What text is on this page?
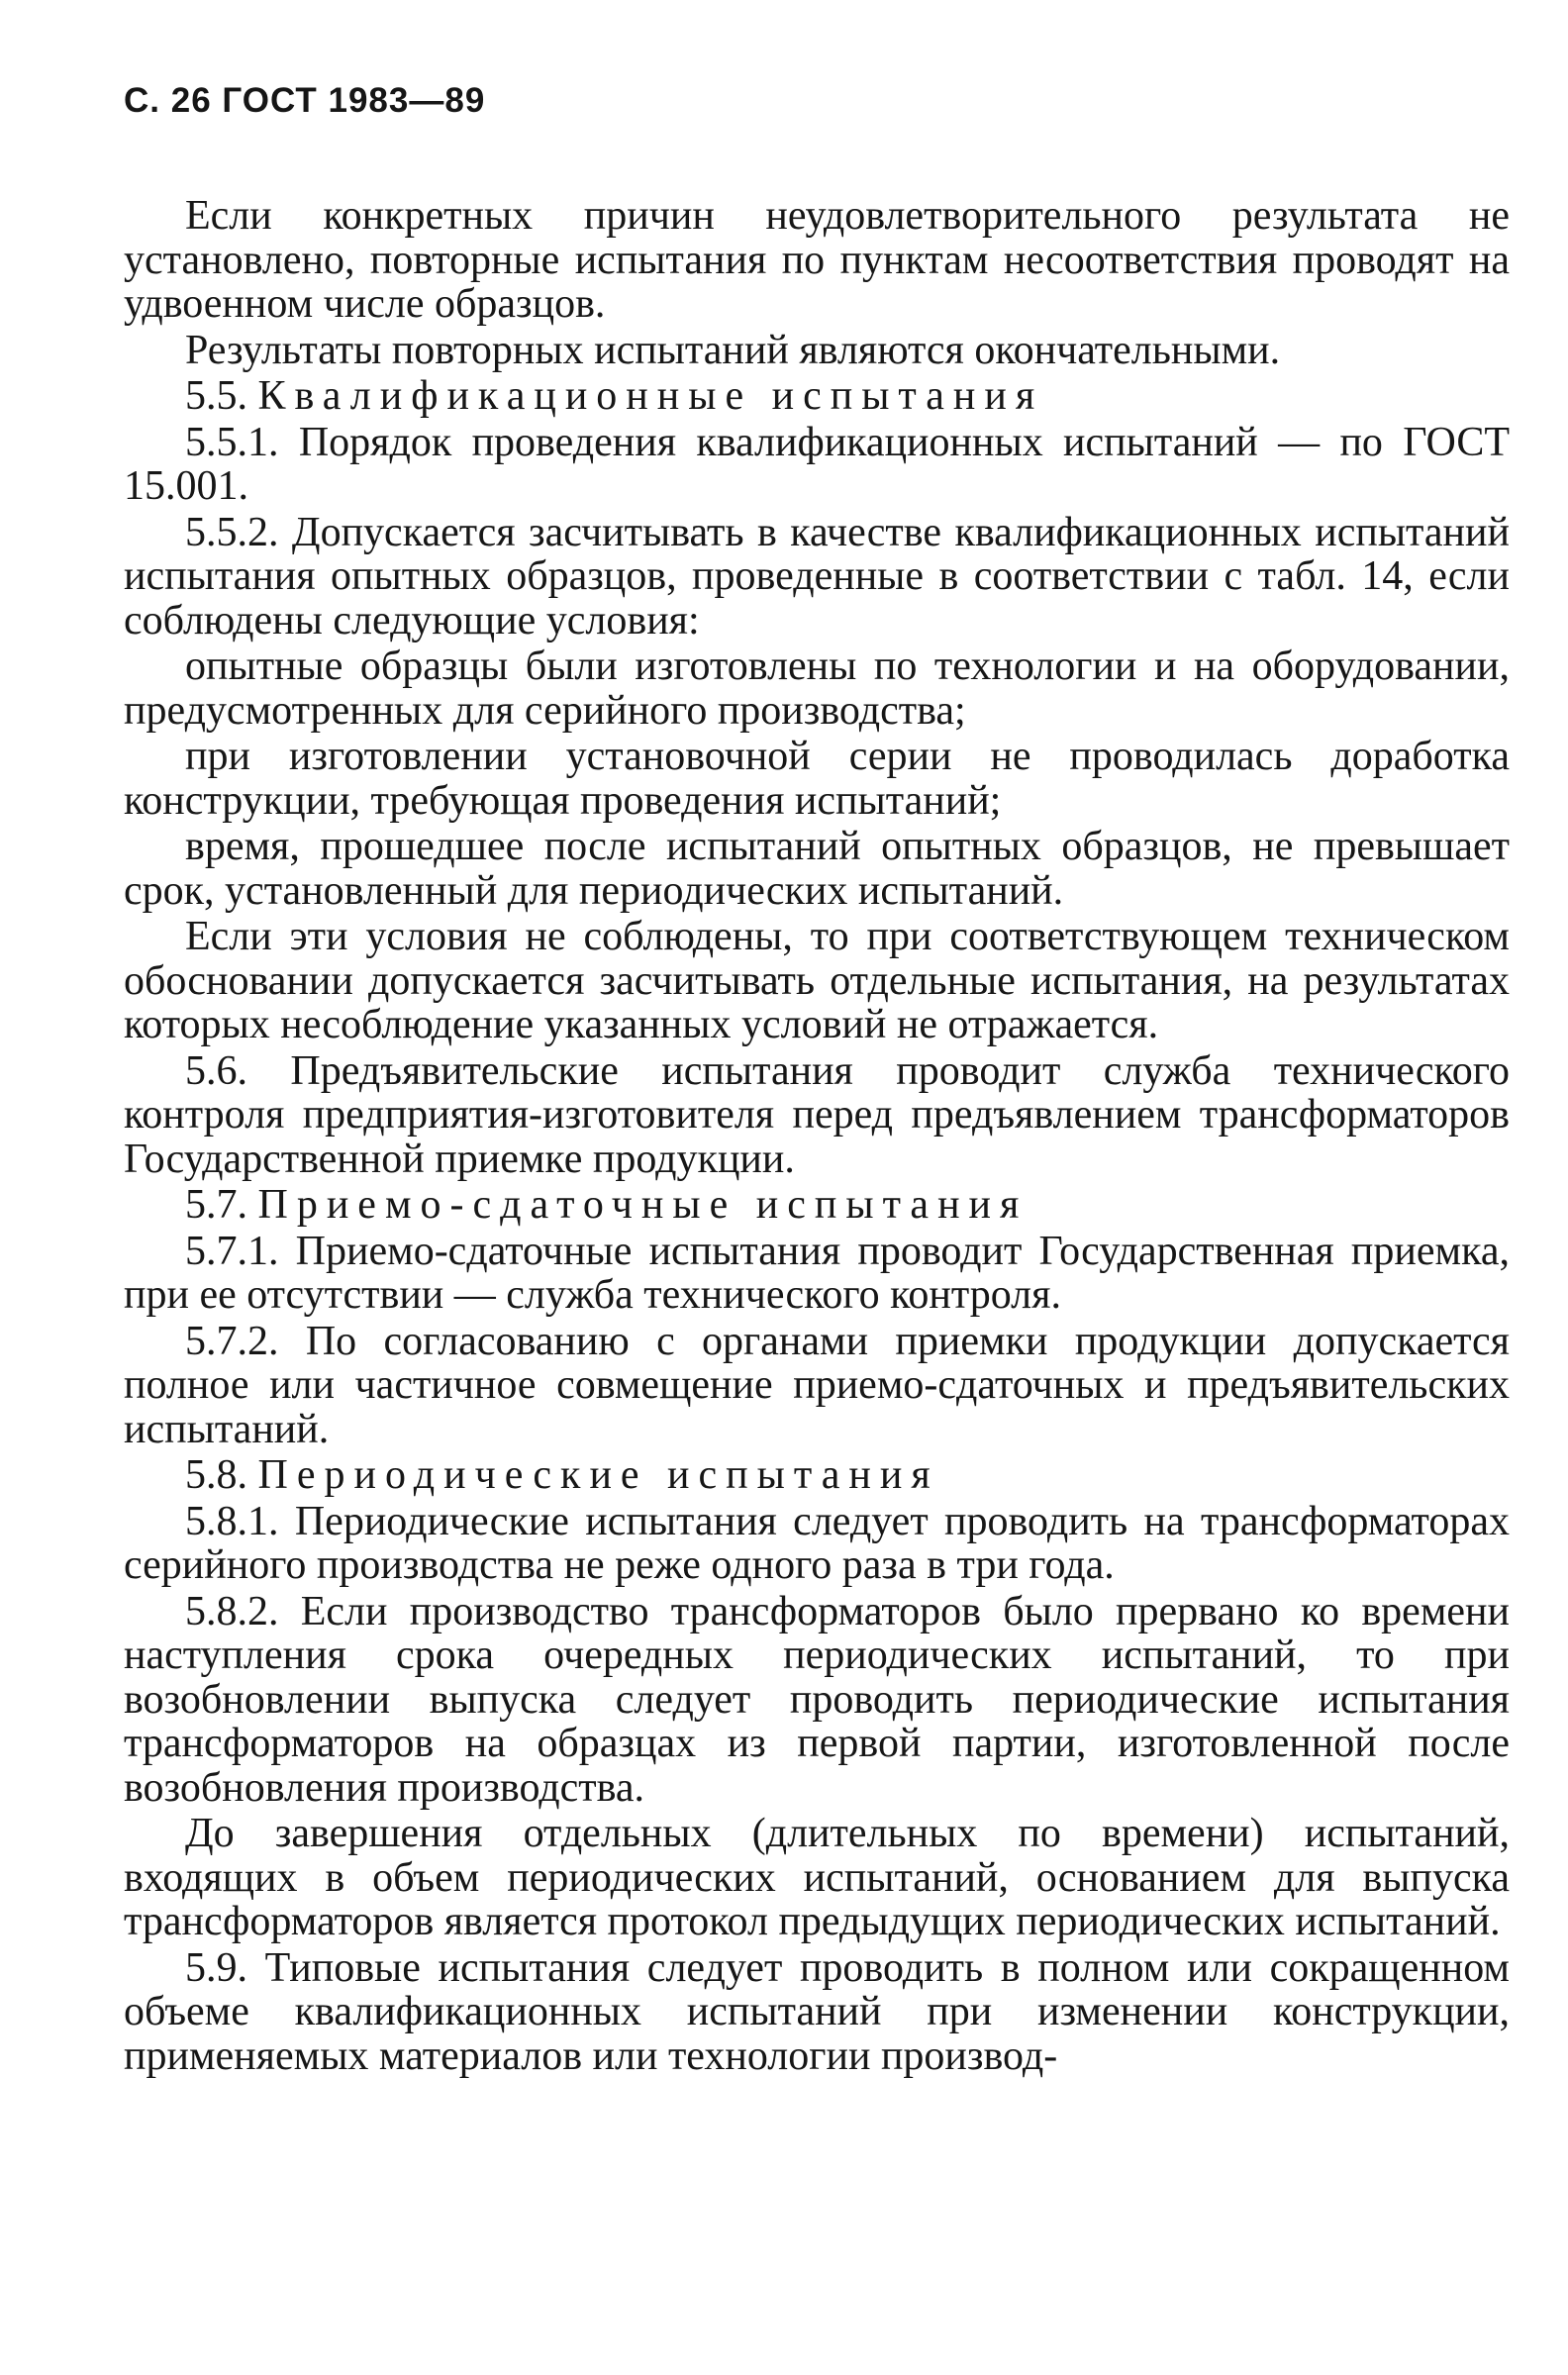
С. 26 ГОСТ 1983—89
Если конкретных причин неудовлетворительного результата не установлено, повторные испытания по пунктам несоответствия проводят на удвоенном числе образцов.
Результаты повторных испытаний являются окончательными.
5.5. Квалификационные испытания
5.5.1. Порядок проведения квалификационных испытаний — по ГОСТ 15.001.
5.5.2. Допускается засчитывать в качестве квалификационных испытаний испытания опытных образцов, проведенные в соответствии с табл. 14, если соблюдены следующие условия:
опытные образцы были изготовлены по технологии и на оборудовании, предусмотренных для серийного производства;
при изготовлении установочной серии не проводилась доработка конструкции, требующая проведения испытаний;
время, прошедшее после испытаний опытных образцов, не превышает срок, установленный для периодических испытаний.
Если эти условия не соблюдены, то при соответствующем техническом обосновании допускается засчитывать отдельные испытания, на результатах которых несоблюдение указанных условий не отражается.
5.6. Предъявительские испытания проводит служба технического контроля предприятия-изготовителя перед предъявлением трансформаторов Государственной приемке продукции.
5.7. Приемо-сдаточные испытания
5.7.1. Приемо-сдаточные испытания проводит Государственная приемка, при ее отсутствии — служба технического контроля.
5.7.2. По согласованию с органами приемки продукции допускается полное или частичное совмещение приемо-сдаточных и предъявительских испытаний.
5.8. Периодические испытания
5.8.1. Периодические испытания следует проводить на трансформаторах серийного производства не реже одного раза в три года.
5.8.2. Если производство трансформаторов было прервано ко времени наступления срока очередных периодических испытаний, то при возобновлении выпуска следует проводить периодические испытания трансформаторов на образцах из первой партии, изготовленной после возобновления производства.
До завершения отдельных (длительных по времени) испытаний, входящих в объем периодических испытаний, основанием для выпуска трансформаторов является протокол предыдущих периодических испытаний.
5.9. Типовые испытания следует проводить в полном или сокращенном объеме квалификационных испытаний при изменении конструкции, применяемых материалов или технологии производ-
